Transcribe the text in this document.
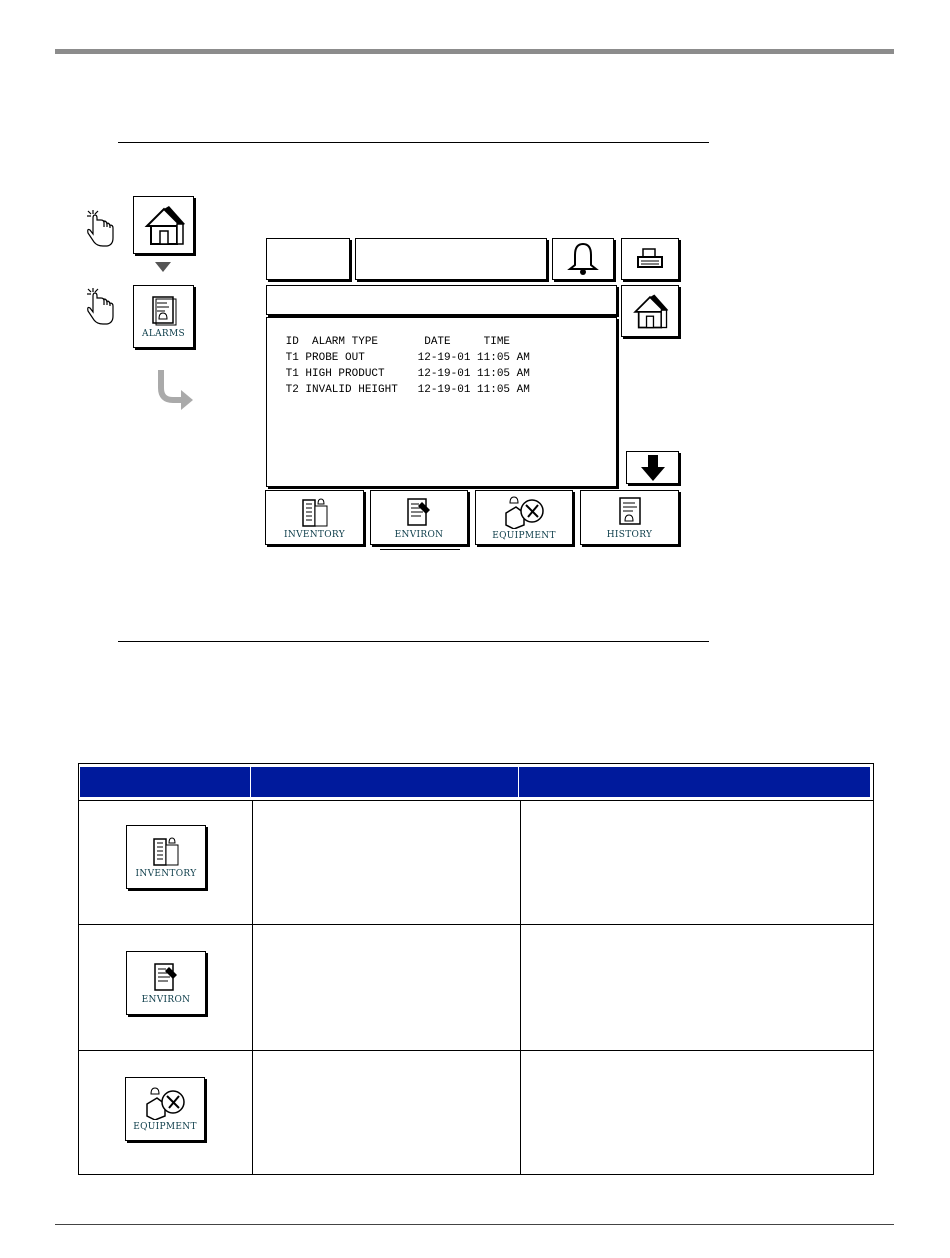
ALARMS
ID  ALARM TYPE       DATE     TIME
T1 PROBE OUT        12-19-01 11:05 AM
T1 HIGH PRODUCT     12-19-01 11:05 AM
T2 INVALID HEIGHT   12-19-01 11:05 AM
INVENTORY	ENVIRON	EQUIPMENT	HISTORY
INVENTORY
ENVIRON
EQUIPMENT
